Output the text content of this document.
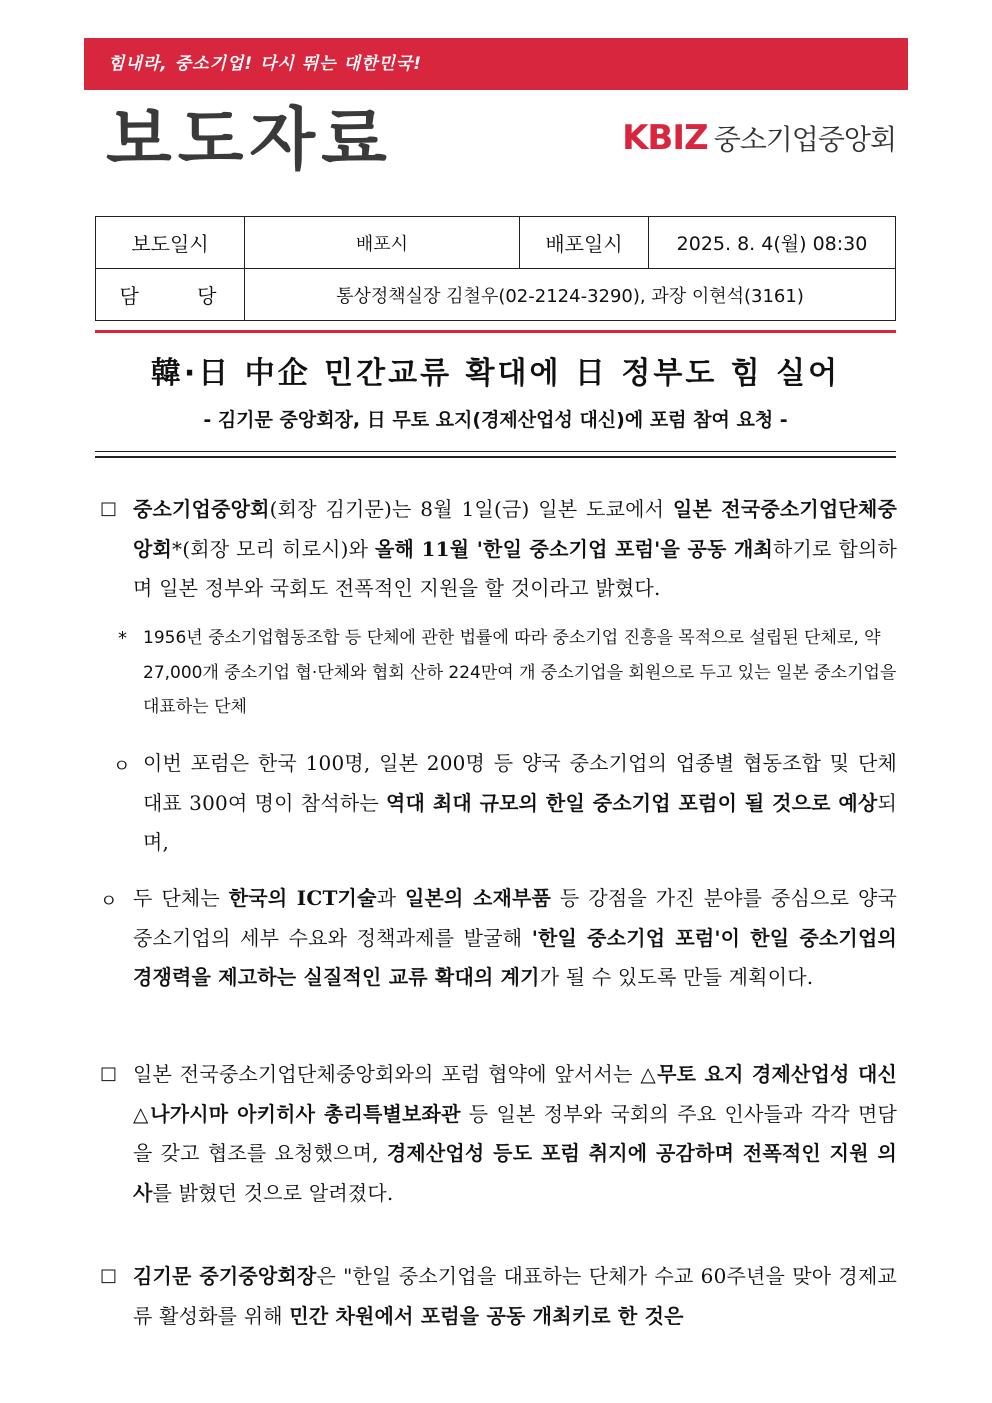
힘내라, 중소기업! 다시 뛰는 대한민국!
보도자료	KBIZ 중소기업중앙회
보도일시	배포시	배포일시	2025. 8. 4(월) 08:30
담 당	통상정책실장 김철우(02-2124-3290), 과장 이현석(3161)		
韓·日 中企 민간교류 확대에 日 정부도 힘 실어
- 김기문 중앙회장, 日 무토 요지(경제산업성 대신)에 포럼 참여 요청 -
□ 중소기업중앙회(회장 김기문)는 8월 1일(금) 일본 도쿄에서 일본 전국중소기업단체중앙회*(회장 모리 히로시)와 올해 11월 '한일 중소기업 포럼'을 공동 개최하기로 합의하며 일본 정부와 국회도 전폭적인 지원을 할 것이라고 밝혔다.
* 1956년 중소기업협동조합 등 단체에 관한 법률에 따라 중소기업 진흥을 목적으로 설립된 단체로, 약 27,000개 중소기업 협·단체와 협회 산하 224만여 개 중소기업을 회원으로 두고 있는 일본 중소기업을 대표하는 단체
ㅇ 이번 포럼은 한국 100명, 일본 200명 등 양국 중소기업의 업종별 협동조합 및 단체 대표 300여 명이 참석하는 역대 최대 규모의 한일 중소기업 포럼이 될 것으로 예상되며,
ㅇ 두 단체는 한국의 ICT기술과 일본의 소재부품 등 강점을 가진 분야를 중심으로 양국 중소기업의 세부 수요와 정책과제를 발굴해 '한일 중소기업 포럼'이 한일 중소기업의 경쟁력을 제고하는 실질적인 교류 확대의 계기가 될 수 있도록 만들 계획이다.
□ 일본 전국중소기업단체중앙회와의 포럼 협약에 앞서서는 △무토 요지 경제산업성 대신 △나가시마 아키히사 총리특별보좌관 등 일본 정부와 국회의 주요 인사들과 각각 면담을 갖고 협조를 요청했으며, 경제산업성 등도 포럼 취지에 공감하며 전폭적인 지원 의사를 밝혔던 것으로 알려졌다.
□ 김기문 중기중앙회장은 "한일 중소기업을 대표하는 단체가 수교 60주년을 맞아 경제교류 활성화를 위해 민간 차원에서 포럼을 공동 개최키로 한 것은
